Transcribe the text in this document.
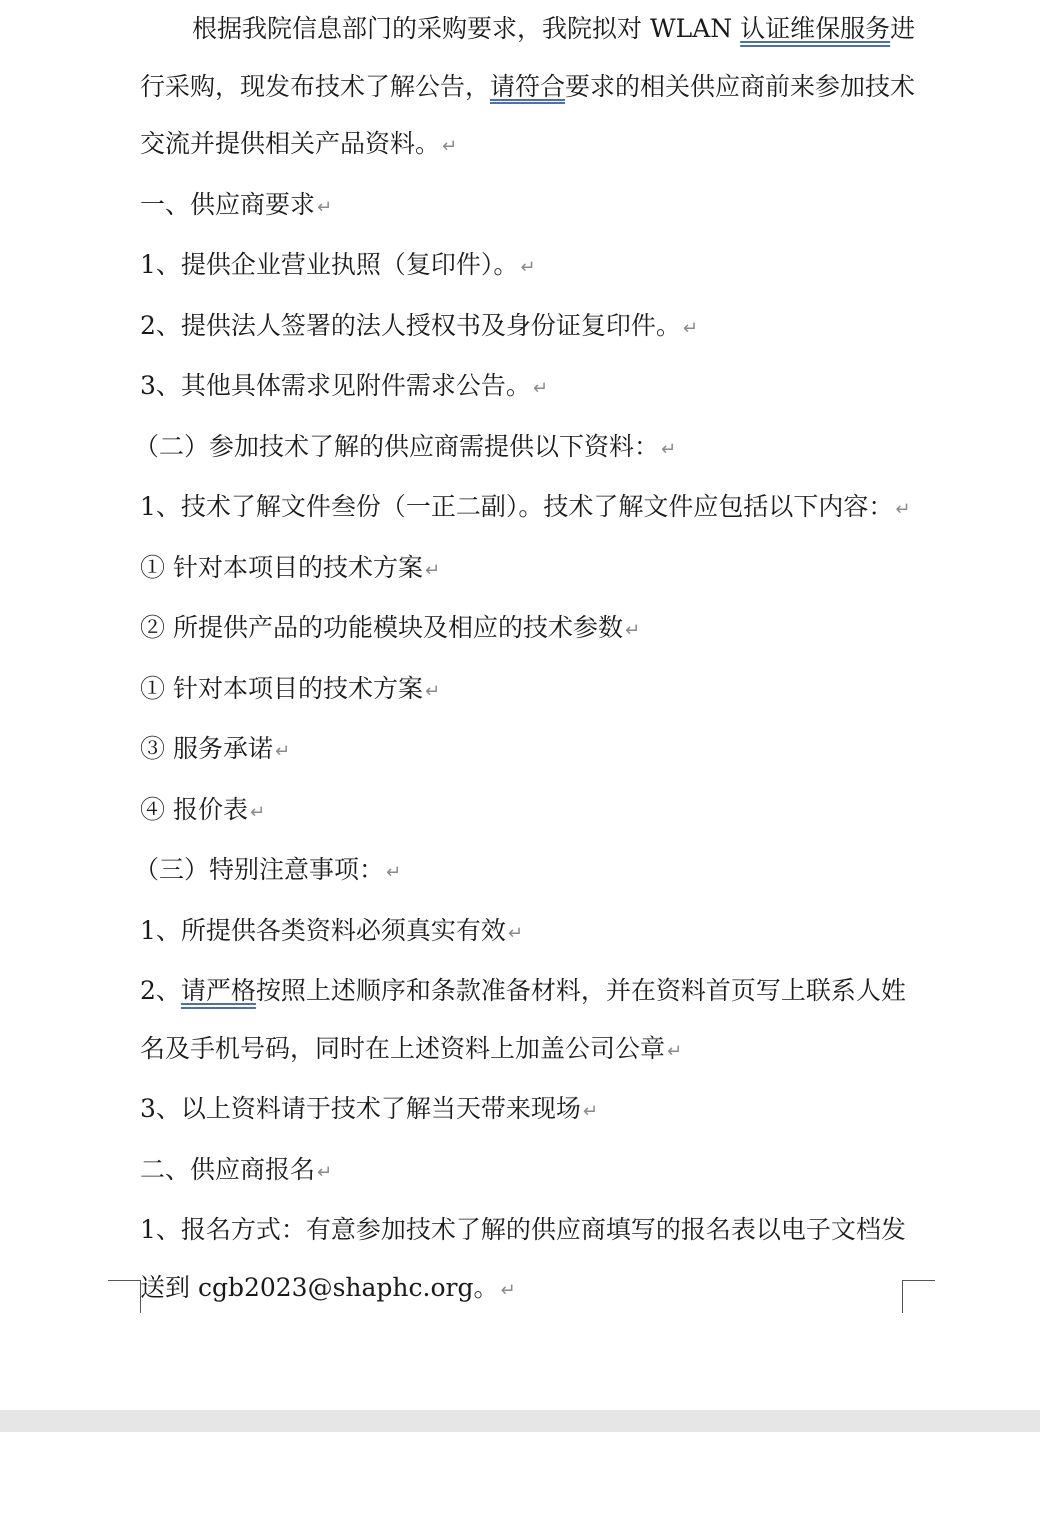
根据我院信息部门的采购要求，我院拟对 WLAN 认证维保服务进行采购，现发布技术了解公告，请符合要求的相关供应商前来参加技术交流并提供相关产品资料。 ↵

一、供应商要求 ↵

1、提供企业营业执照（复印件）。 ↵

2、提供法人签署的法人授权书及身份证复印件。 ↵

3、其他具体需求见附件需求公告。 ↵

（二）参加技术了解的供应商需提供以下资料： ↵

1、技术了解文件叁份（一正二副）。技术了解文件应包括以下内容： ↵

① 针对本项目的技术方案 ↵

② 所提供产品的功能模块及相应的技术参数 ↵

① 针对本项目的技术方案 ↵

③ 服务承诺 ↵

④ 报价表 ↵

（三）特别注意事项： ↵

1、所提供各类资料必须真实有效 ↵

2、请严格按照上述顺序和条款准备材料，并在资料首页写上联系人姓名及手机号码，同时在上述资料上加盖公司公章 ↵

3、以上资料请于技术了解当天带来现场 ↵

二、供应商报名 ↵

1、报名方式：有意参加技术了解的供应商填写的报名表以电子文档发送到 cgb2023@shaphc.org。 ↵
